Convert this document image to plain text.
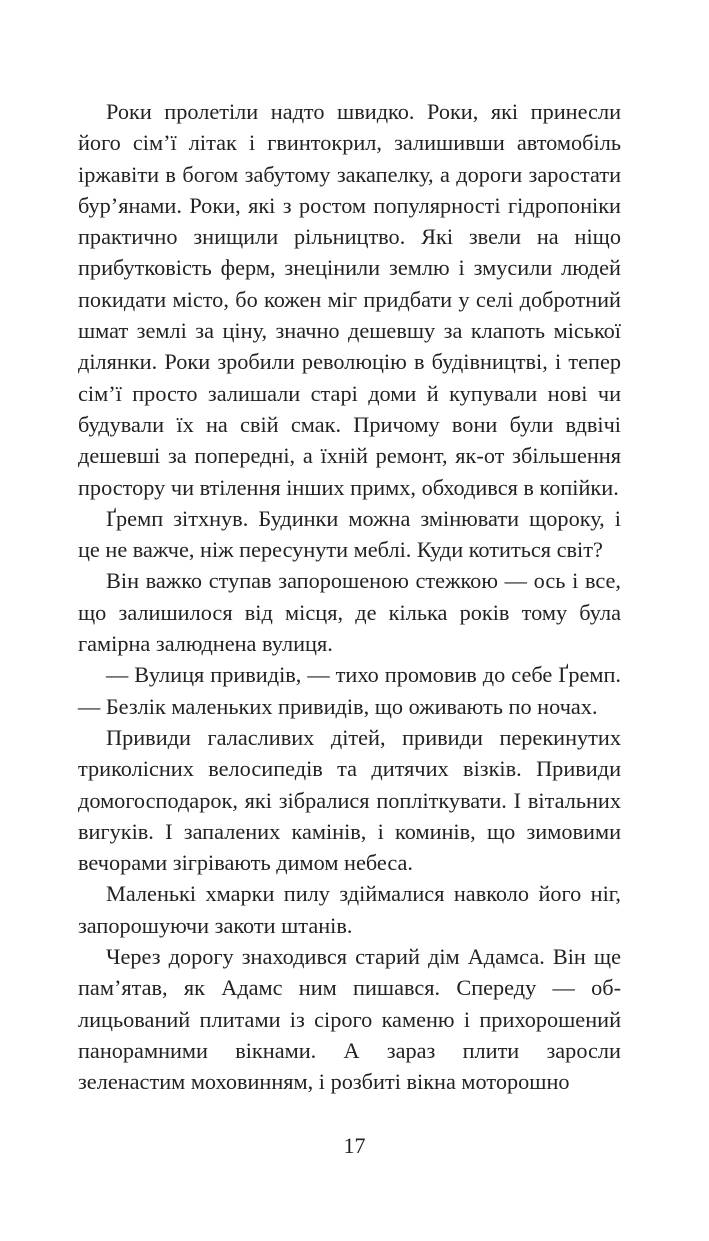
Роки пролетіли надто швидко. Роки, які принесли його сім’ї літак і гвинтокрил, залишивши автомобіль іржавіти в богом забутому закапелку, а дороги заростати бур’янами. Роки, які з ростом популярності гідропоніки практично знищили рільництво. Які звели на ніщо прибутковість ферм, знецінили землю і змусили людей покидати місто, бо кожен міг придбати у селі добротний шмат землі за ціну, значно дешевшу за клапоть міської ділянки. Роки зробили революцію в будівництві, і тепер сім’ї просто залишали старі доми й купували нові чи будували їх на свій смак. Причому вони були вдвічі дешевші за попередні, а їхній ремонт, як-от збільшення простору чи втілення інших примх, обходився в копійки.

Ґремп зітхнув. Будинки можна змінювати щороку, і це не важче, ніж пересунути меблі. Куди котиться світ?

Він важко ступав запорошеною стежкою — ось і все, що залишилося від місця, де кілька років тому була гамірна залюднена вулиця.

— Вулиця привидів, — тихо промовив до себе Ґремп. — Безлік маленьких привидів, що оживають по ночах.

Привиди галасливих дітей, привиди перекинутих триколісних велосипедів та дитячих візків. Привиди домогосподарок, які зібралися попліткувати. І вітальних вигуків. І запалених камінів, і коминів, що зимовими вечорами зігрівають димом небеса.

Маленькі хмарки пилу здіймалися навколо його ніг, запорошуючи закоти штанів.

Через дорогу знаходився старий дім Адамса. Він ще пам’ятав, як Адамс ним пишався. Спереду — облицьований плитами із сірого каменю і прихорошений панорамними вікнами. А зараз плити заросли зеленастим моховинням, і розбиті вікна моторошно

17
